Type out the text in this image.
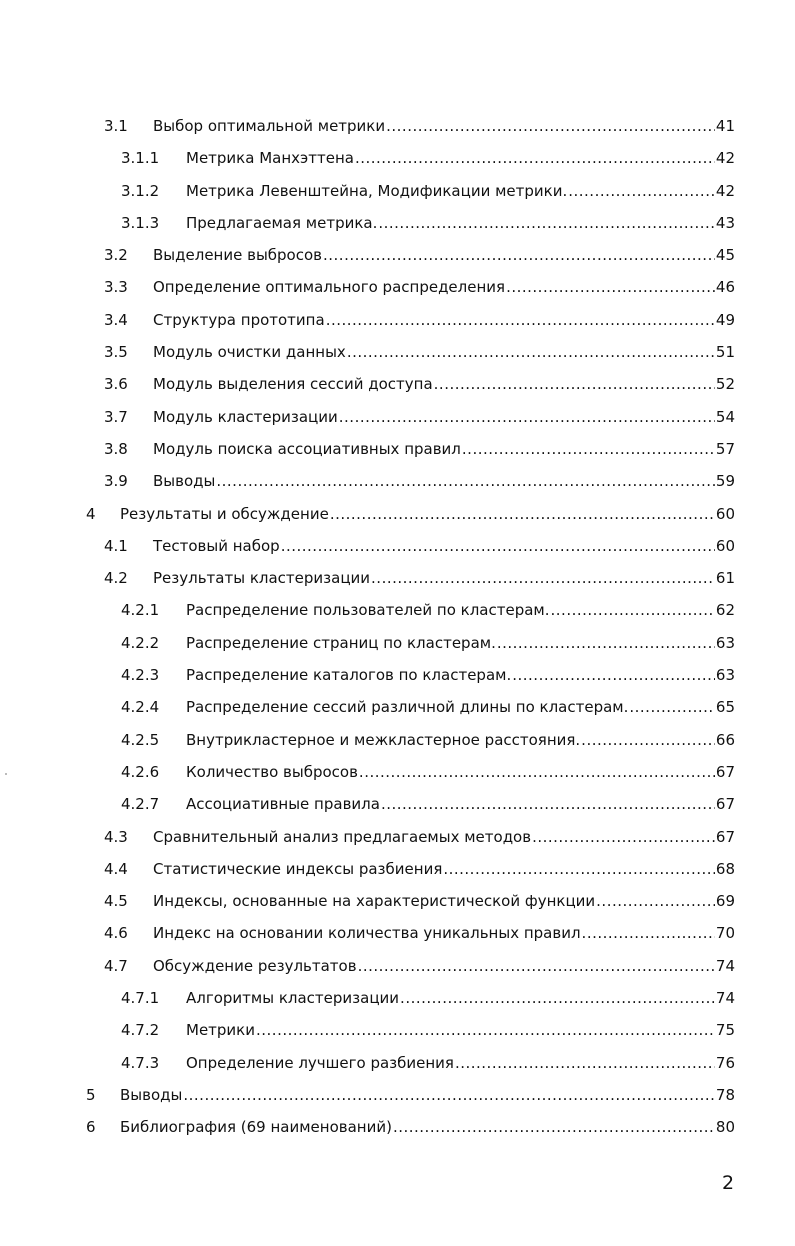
3.1 Выбор оптимальной метрики .....	41
3.1.1 Метрика Манхэттена .....	42
3.1.2 Метрика Левенштейна, Модификации метрики. .....	42
3.1.3 Предлагаемая метрика. .....	43
3.2 Выделение выбросов .....	45
3.3 Определение оптимального распределения .....	46
3.4 Структура прототипа .....	49
3.5 Модуль очистки данных .....	51
3.6 Модуль выделения сессий доступа .....	52
3.7 Модуль кластеризации .....	54
3.8 Модуль поиска ассоциативных правил .....	57
3.9 Выводы .....	59
4 Результаты и обсуждение .....	60
4.1 Тестовый набор .....	60
4.2 Результаты кластеризации .....	61
4.2.1 Распределение пользователей по кластерам. .....	62
4.2.2 Распределение страниц по кластерам. .....	63
4.2.3 Распределение каталогов по кластерам. .....	63
4.2.4 Распределение сессий различной длины по кластерам. .....	65
4.2.5 Внутрикластерное и межкластерное расстояния. .....	66
4.2.6 Количество выбросов .....	67
4.2.7 Ассоциативные правила .....	67
4.3 Сравнительный анализ предлагаемых методов .....	67
4.4 Статистические индексы разбиения .....	68
4.5 Индексы, основанные на характеристической функции .....	69
4.6 Индекс на основании количества уникальных правил .....	70
4.7 Обсуждение результатов .....	74
4.7.1 Алгоритмы кластеризации .....	74
4.7.2 Метрики .....	75
4.7.3 Определение лучшего разбиения .....	76
5 Выводы .....	78
6 Библиография (69 наименований) .....	80
2
